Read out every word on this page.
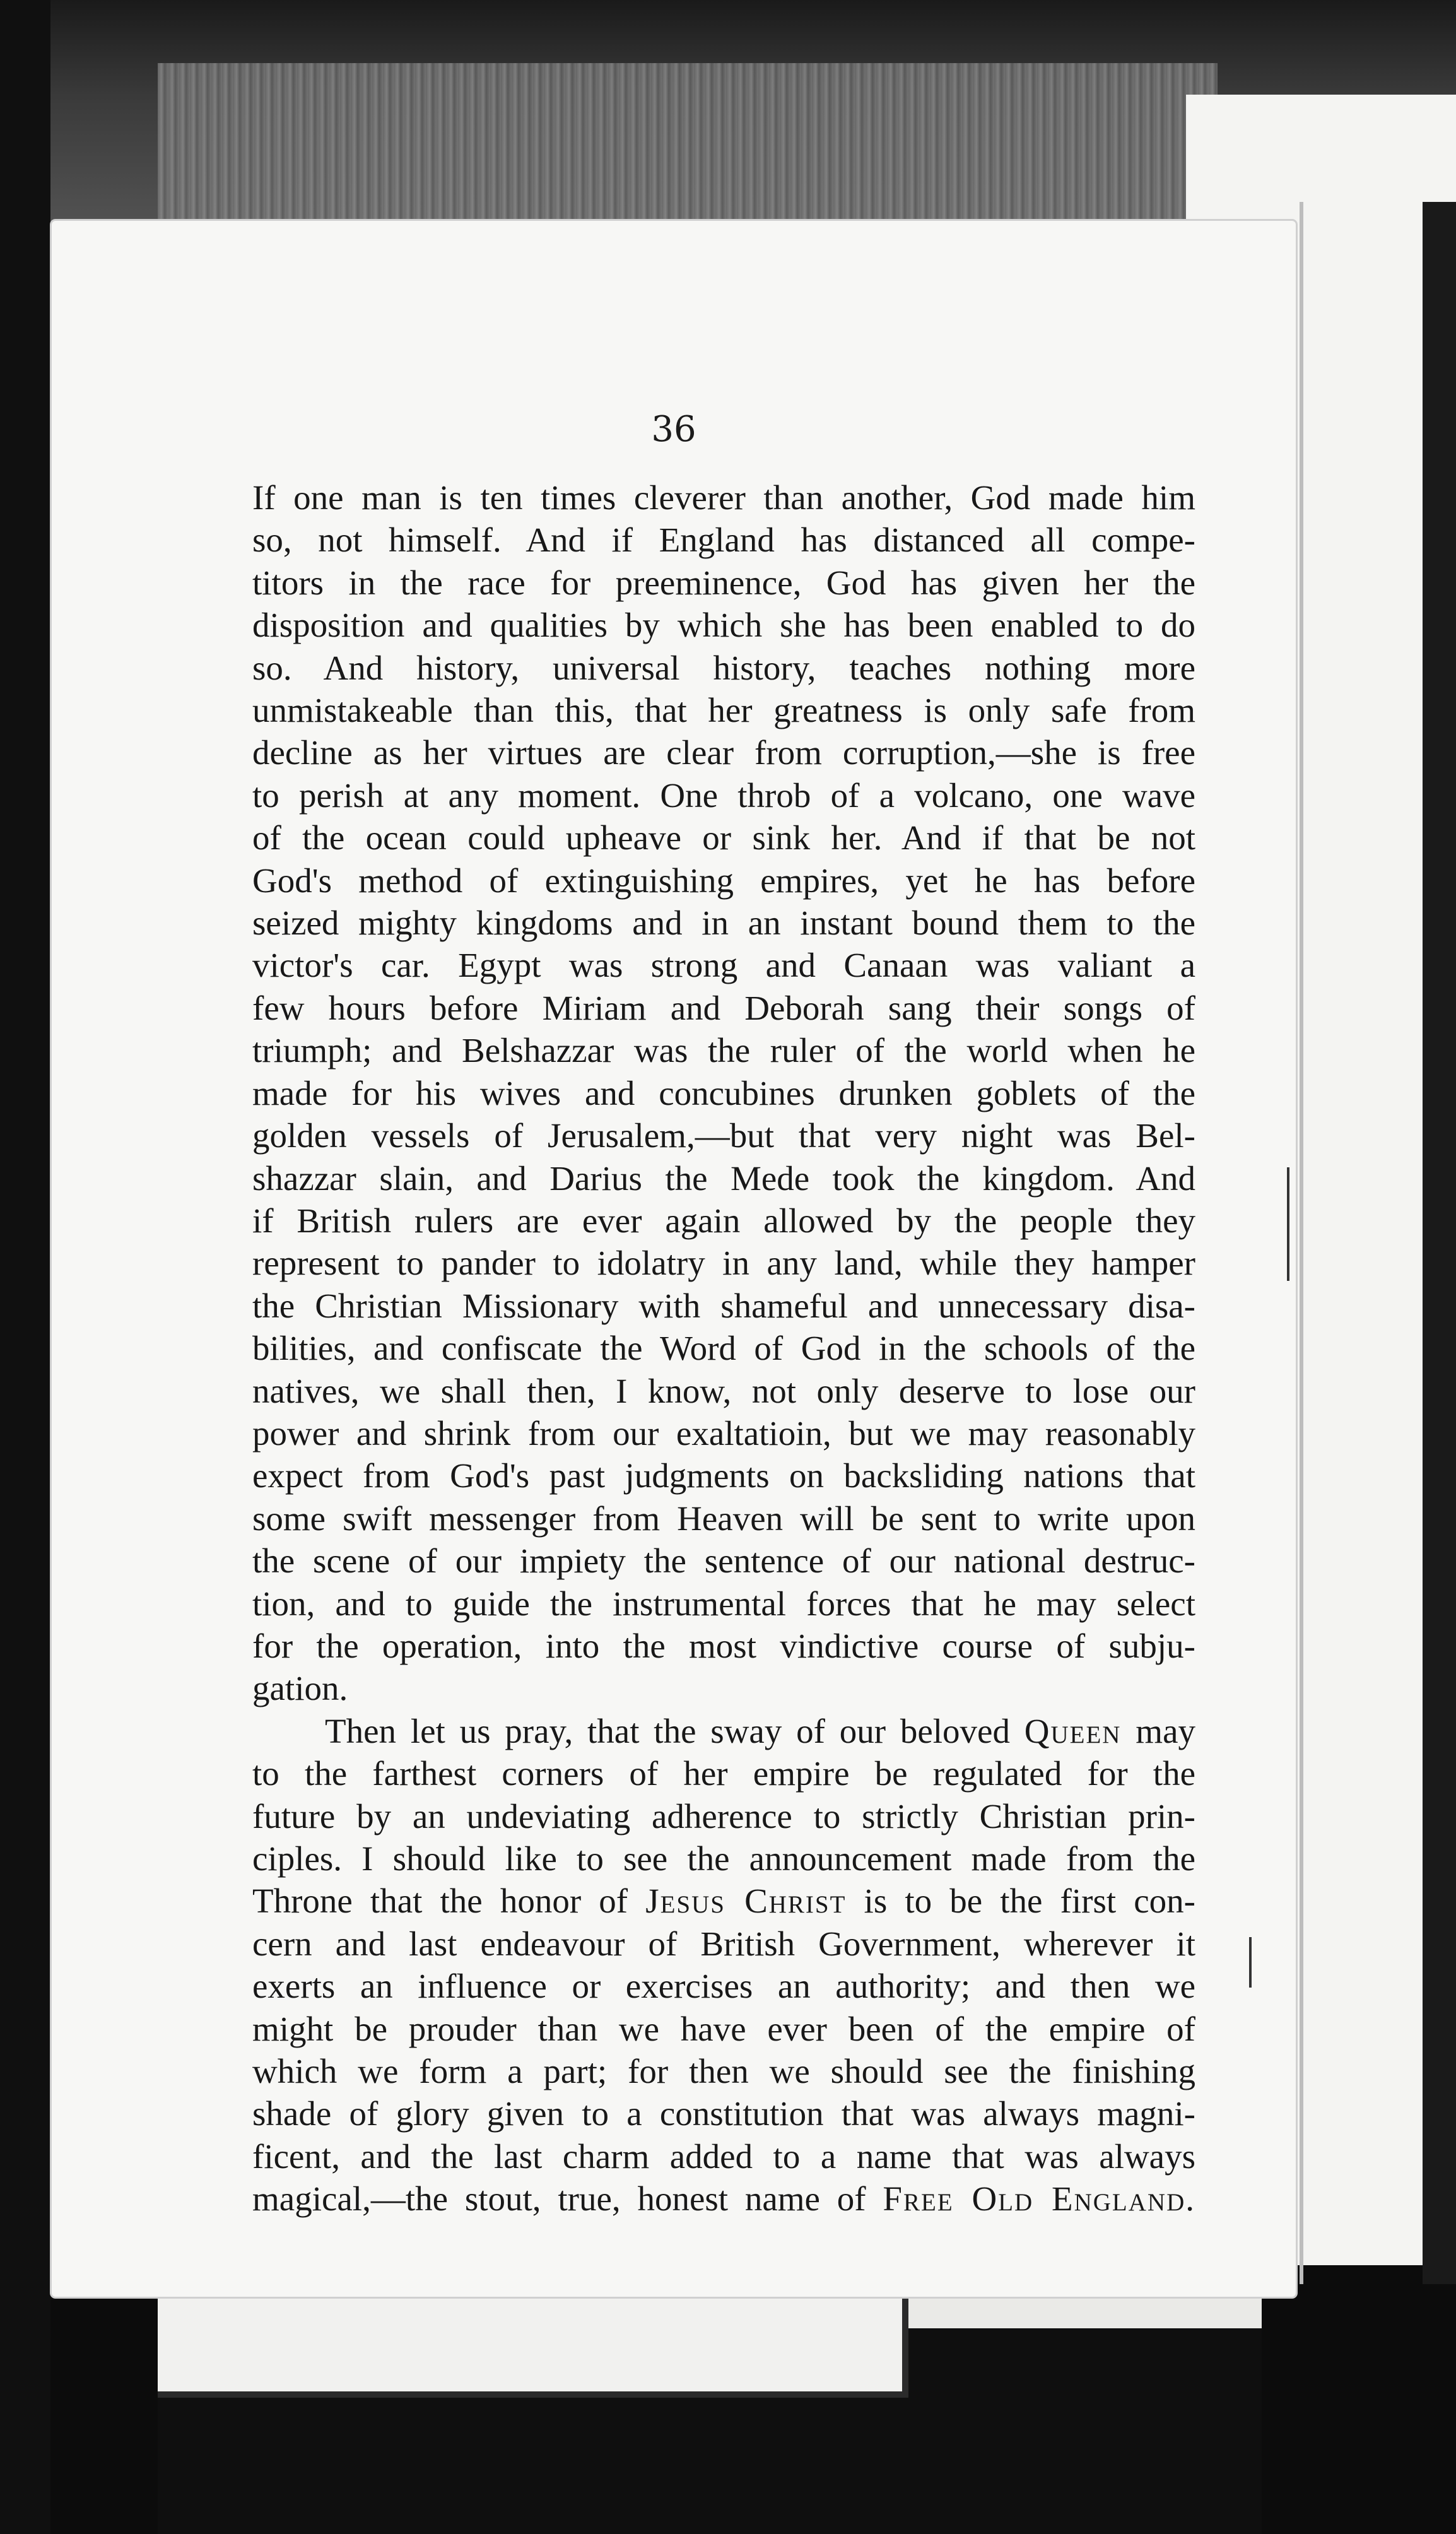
36
If one man is ten times cleverer than another, God made him
so, not himself. And if England has distanced all compe-
titors in the race for preeminence, God has given her the
disposition and qualities by which she has been enabled to do
so. And history, universal history, teaches nothing more
unmistakeable than this, that her greatness is only safe from
decline as her virtues are clear from corruption,—she is free
to perish at any moment. One throb of a volcano, one wave
of the ocean could upheave or sink her. And if that be not
God's method of extinguishing empires, yet he has before
seized mighty kingdoms and in an instant bound them to the
victor's car. Egypt was strong and Canaan was valiant a
few hours before Miriam and Deborah sang their songs of
triumph; and Belshazzar was the ruler of the world when he
made for his wives and concubines drunken goblets of the
golden vessels of Jerusalem,—but that very night was Bel-
shazzar slain, and Darius the Mede took the kingdom. And
if British rulers are ever again allowed by the people they
represent to pander to idolatry in any land, while they hamper
the Christian Missionary with shameful and unnecessary disa-
bilities, and confiscate the Word of God in the schools of the
natives, we shall then, I know, not only deserve to lose our
power and shrink from our exaltatioin, but we may reasonably
expect from God's past judgments on backsliding nations that
some swift messenger from Heaven will be sent to write upon
the scene of our impiety the sentence of our national destruc-
tion, and to guide the instrumental forces that he may select
for the operation, into the most vindictive course of subju-
gation.
Then let us pray, that the sway of our beloved Queen may
to the farthest corners of her empire be regulated for the
future by an undeviating adherence to strictly Christian prin-
ciples. I should like to see the announcement made from the
Throne that the honor of Jesus Christ is to be the first con-
cern and last endeavour of British Government, wherever it
exerts an influence or exercises an authority; and then we
might be prouder than we have ever been of the empire of
which we form a part; for then we should see the finishing
shade of glory given to a constitution that was always magni-
ficent, and the last charm added to a name that was always
magical,—the stout, true, honest name of Free Old England.
